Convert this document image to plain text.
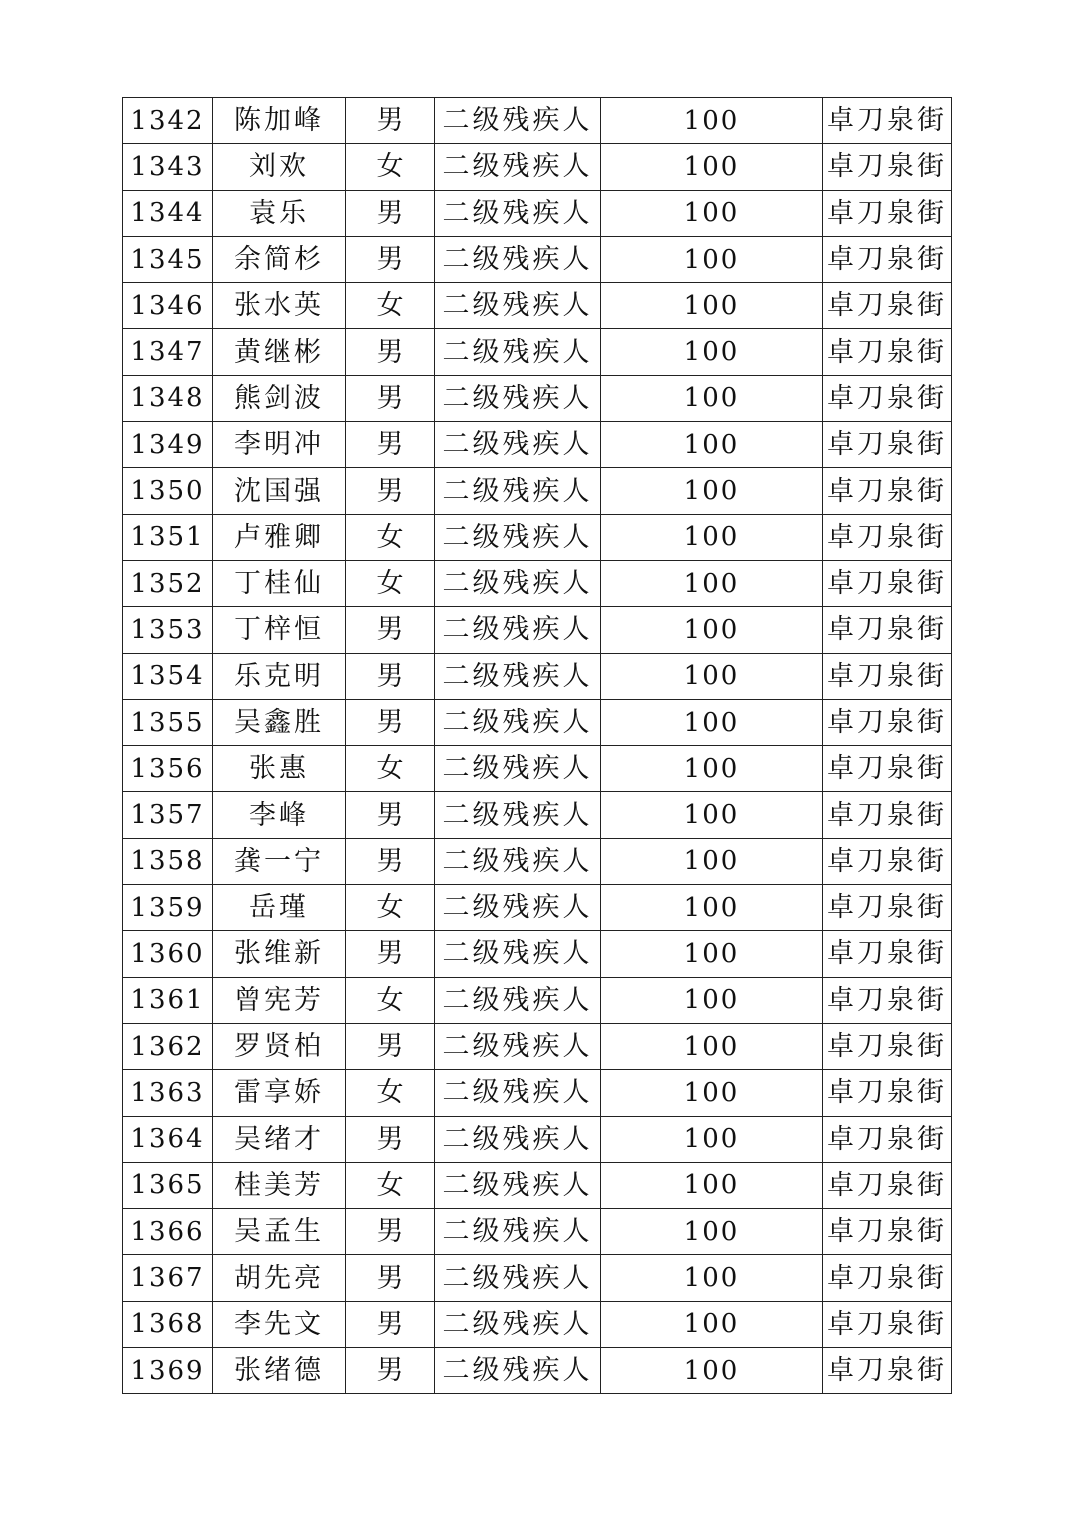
1342	陈加峰	男	二级残疾人	100	卓刀泉街
1343	刘欢	女	二级残疾人	100	卓刀泉街
1344	袁乐	男	二级残疾人	100	卓刀泉街
1345	余简杉	男	二级残疾人	100	卓刀泉街
1346	张水英	女	二级残疾人	100	卓刀泉街
1347	黄继彬	男	二级残疾人	100	卓刀泉街
1348	熊剑波	男	二级残疾人	100	卓刀泉街
1349	李明冲	男	二级残疾人	100	卓刀泉街
1350	沈国强	男	二级残疾人	100	卓刀泉街
1351	卢雅卿	女	二级残疾人	100	卓刀泉街
1352	丁桂仙	女	二级残疾人	100	卓刀泉街
1353	丁梓恒	男	二级残疾人	100	卓刀泉街
1354	乐克明	男	二级残疾人	100	卓刀泉街
1355	吴鑫胜	男	二级残疾人	100	卓刀泉街
1356	张惠	女	二级残疾人	100	卓刀泉街
1357	李峰	男	二级残疾人	100	卓刀泉街
1358	龚一宁	男	二级残疾人	100	卓刀泉街
1359	岳瑾	女	二级残疾人	100	卓刀泉街
1360	张维新	男	二级残疾人	100	卓刀泉街
1361	曾宪芳	女	二级残疾人	100	卓刀泉街
1362	罗贤柏	男	二级残疾人	100	卓刀泉街
1363	雷享娇	女	二级残疾人	100	卓刀泉街
1364	吴绪才	男	二级残疾人	100	卓刀泉街
1365	桂美芳	女	二级残疾人	100	卓刀泉街
1366	吴孟生	男	二级残疾人	100	卓刀泉街
1367	胡先亮	男	二级残疾人	100	卓刀泉街
1368	李先文	男	二级残疾人	100	卓刀泉街
1369	张绪德	男	二级残疾人	100	卓刀泉街
